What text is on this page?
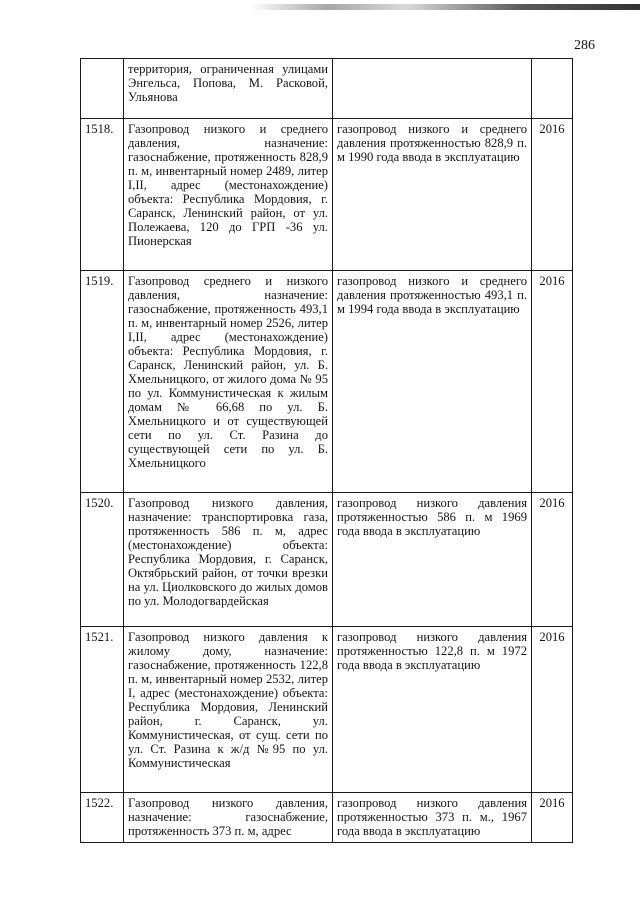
286
	территория, ограниченная улицами Энгельса, Попова, М. Расковой, Ульянова		
1518.	Газопровод низкого и среднего давления, назначение: газоснабжение, протяженность 828,9 п. м, инвентарный номер 2489, литер I,II, адрес (местонахождение) объекта: Республика Мордовия, г. Саранск, Ленинский район, от ул. Полежаева, 120 до ГРП -36 ул. Пионерская	газопровод низкого и среднего давления протяженностью 828,9 п. м 1990 года ввода в эксплуатацию	2016
1519.	Газопровод среднего и низкого давления, назначение: газоснабжение, протяженность 493,1 п. м, инвентарный номер 2526, литер I,II, адрес (местонахождение) объекта: Республика Мордовия, г. Саранск, Ленинский район, ул. Б. Хмельницкого, от жилого дома № 95 по ул. Коммунистическая к жилым домам № 66,68 по ул. Б. Хмельницкого и от существующей сети по ул. Ст. Разина до существующей сети по ул. Б. Хмельницкого	газопровод низкого и среднего давления протяженностью 493,1 п. м 1994 года ввода в эксплуатацию	2016
1520.	Газопровод низкого давления, назначение: транспортировка газа, протяженность 586 п. м, адрес (местонахождение) объекта: Республика Мордовия, г. Саранск, Октябрьский район, от точки врезки на ул. Циолковского до жилых домов по ул. Молодогвардейская	газопровод низкого давления протяженностью 586 п. м 1969 года ввода в эксплуатацию	2016
1521.	Газопровод низкого давления к жилому дому, назначение: газоснабжение, протяженность 122,8 п. м, инвентарный номер 2532, литер I, адрес (местонахождение) объекта: Республика Мордовия, Ленинский район, г. Саранск, ул. Коммунистическая, от сущ. сети по ул. Ст. Разина к ж/д №95 по ул. Коммунистическая	газопровод низкого давления протяженностью 122,8 п. м 1972 года ввода в эксплуатацию	2016
1522.	Газопровод низкого давления, назначение: газоснабжение, протяженность 373 п. м, адрес	газопровод низкого давления протяженностью 373 п. м., 1967 года ввода в эксплуатацию	2016
